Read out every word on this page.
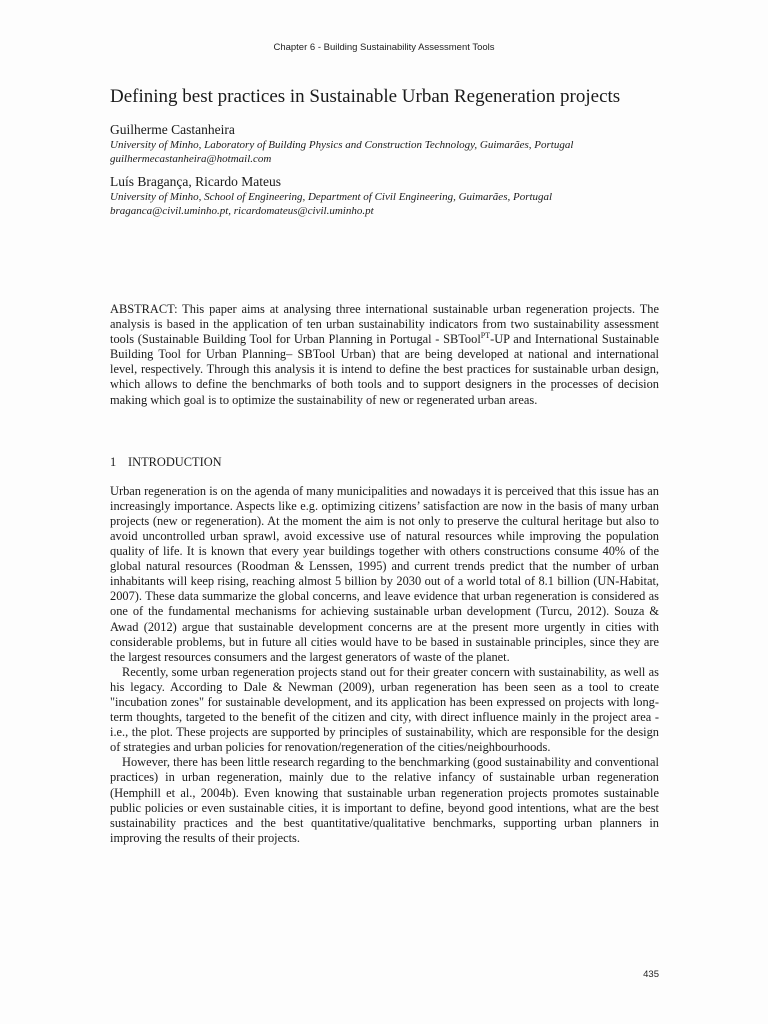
Chapter 6 - Building Sustainability Assessment Tools
Defining best practices in Sustainable Urban Regeneration projects
Guilherme Castanheira
University of Minho, Laboratory of Building Physics and Construction Technology, Guimarães, Portugal
guilhermecastanheira@hotmail.com
Luís Bragança, Ricardo Mateus
University of Minho, School of Engineering, Department of Civil Engineering, Guimarães, Portugal
braganca@civil.uminho.pt, ricardomateus@civil.uminho.pt

ABSTRACT: This paper aims at analysing three international sustainable urban regeneration projects. The analysis is based in the application of ten urban sustainability indicators from two sustainability assessment tools (Sustainable Building Tool for Urban Planning in Portugal - SBTool$^{PT}$-UP and International Sustainable Building Tool for Urban Planning– SBTool Urban) that are being developed at national and international level, respectively. Through this analysis it is intend to define the best practices for sustainable urban design, which allows to define the benchmarks of both tools and to support designers in the processes of decision making which goal is to optimize the sustainability of new or regenerated urban areas.

1 INTRODUCTION

Urban regeneration is on the agenda of many municipalities and nowadays it is perceived that this issue has an increasingly importance. Aspects like e.g. optimizing citizens’ satisfaction are now in the basis of many urban projects (new or regeneration). At the moment the aim is not only to preserve the cultural heritage but also to avoid uncontrolled urban sprawl, avoid excessive use of natural resources while improving the population quality of life. It is known that every year buildings together with others constructions consume 40% of the global natural resources (Roodman & Lenssen, 1995) and current trends predict that the number of urban inhabitants will keep rising, reaching almost 5 billion by 2030 out of a world total of 8.1 billion (UN-Habitat, 2007). These data summarize the global concerns, and leave evidence that urban regeneration is considered as one of the fundamental mechanisms for achieving sustainable urban development (Turcu, 2012). Souza & Awad (2012) argue that sustainable development concerns are at the present more urgently in cities with considerable problems, but in future all cities would have to be based in sustainable principles, since they are the largest resources consumers and the largest generators of waste of the planet.

Recently, some urban regeneration projects stand out for their greater concern with sustainability, as well as his legacy. According to Dale & Newman (2009), urban regeneration has been seen as a tool to create "incubation zones" for sustainable development, and its application has been expressed on projects with long-term thoughts, targeted to the benefit of the citizen and city, with direct influence mainly in the project area - i.e., the plot. These projects are supported by principles of sustainability, which are responsible for the design of strategies and urban policies for renovation/regeneration of the cities/neighbourhoods.

However, there has been little research regarding to the benchmarking (good sustainability and conventional practices) in urban regeneration, mainly due to the relative infancy of sustainable urban regeneration (Hemphill et al., 2004b). Even knowing that sustainable urban regeneration projects promotes sustainable public policies or even sustainable cities, it is important to define, beyond good intentions, what are the best sustainability practices and the best quantitative/qualitative benchmarks, supporting urban planners in improving the results of their projects.

435
